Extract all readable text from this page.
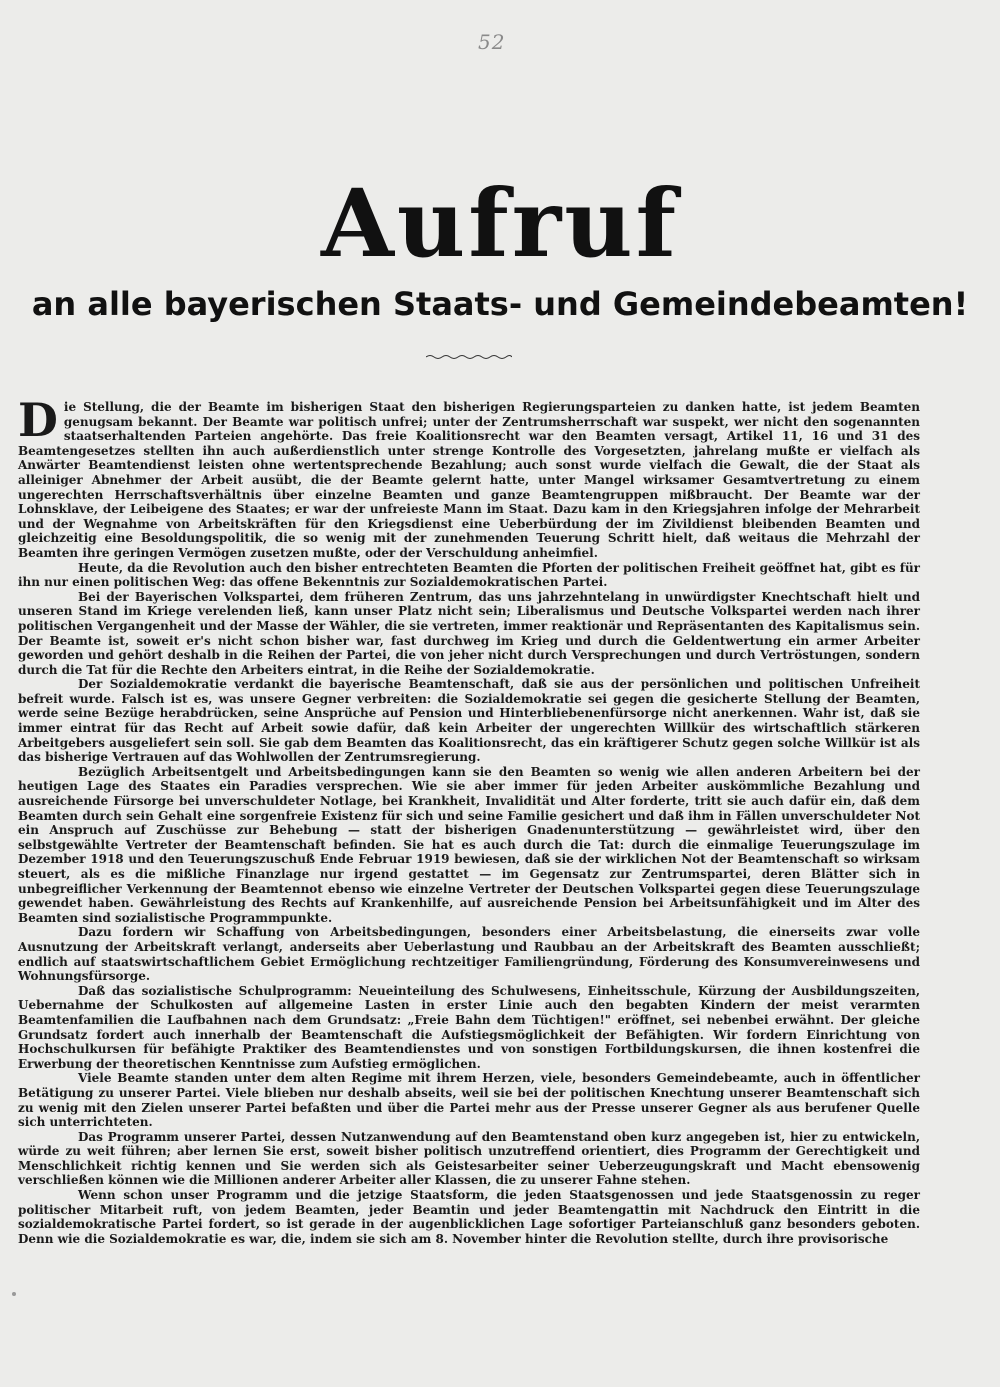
52
Aufruf
an alle bayerischen Staats- und Gemeindebeamten!

Die Stellung, die der Beamte im bisherigen Staat den bisherigen Regierungsparteien zu danken hatte, ist jedem Beamten genugsam bekannt. Der Beamte war politisch unfrei; unter der Zentrumsherrschaft war suspekt, wer nicht den sogenannten staatserhaltenden Parteien angehörte. Das freie Koalitionsrecht war den Beamten versagt, Artikel 11, 16 und 31 des Beamtengesetzes stellten ihn auch außerdienstlich unter strenge Kontrolle des Vorgesetzten, jahrelang mußte er vielfach als Anwärter Beamtendienst leisten ohne wertentsprechende Bezahlung; auch sonst wurde vielfach die Gewalt, die der Staat als alleiniger Abnehmer der Arbeit ausübt, die der Beamte gelernt hatte, unter Mangel wirksamer Gesamtvertretung zu einem ungerechten Herrschaftsverhältnis über einzelne Beamten und ganze Beamtengruppen mißbraucht. Der Beamte war der Lohnsklave, der Leibeigene des Staates; er war der unfreieste Mann im Staat. Dazu kam in den Kriegsjahren infolge der Mehrarbeit und der Wegnahme von Arbeitskräften für den Kriegsdienst eine Ueberbürdung der im Zivildienst bleibenden Beamten und gleichzeitig eine Besoldungspolitik, die so wenig mit der zunehmenden Teuerung Schritt hielt, daß weitaus die Mehrzahl der Beamten ihre geringen Vermögen zusetzen mußte, oder der Verschuldung anheimfiel.

Heute, da die Revolution auch den bisher entrechteten Beamten die Pforten der politischen Freiheit geöffnet hat, gibt es für ihn nur einen politischen Weg: das offene Bekenntnis zur Sozialdemokratischen Partei.

Bei der Bayerischen Volkspartei, dem früheren Zentrum, das uns jahrzehntelang in unwürdigster Knechtschaft hielt und unseren Stand im Kriege verelenden ließ, kann unser Platz nicht sein; Liberalismus und Deutsche Volkspartei werden nach ihrer politischen Vergangenheit und der Masse der Wähler, die sie vertreten, immer reaktionär und Repräsentanten des Kapitalismus sein. Der Beamte ist, soweit er's nicht schon bisher war, fast durchweg im Krieg und durch die Geldentwertung ein armer Arbeiter geworden und gehört deshalb in die Reihen der Partei, die von jeher nicht durch Versprechungen und durch Vertröstungen, sondern durch die Tat für die Rechte den Arbeiters eintrat, in die Reihe der Sozialdemokratie.

Der Sozialdemokratie verdankt die bayerische Beamtenschaft, daß sie aus der persönlichen und politischen Unfreiheit befreit wurde. Falsch ist es, was unsere Gegner verbreiten: die Sozialdemokratie sei gegen die gesicherte Stellung der Beamten, werde seine Bezüge herabdrücken, seine Ansprüche auf Pension und Hinterbliebenenfürsorge nicht anerkennen. Wahr ist, daß sie immer eintrat für das Recht auf Arbeit sowie dafür, daß kein Arbeiter der ungerechten Willkür des wirtschaftlich stärkeren Arbeitgebers ausgeliefert sein soll. Sie gab dem Beamten das Koalitionsrecht, das ein kräftigerer Schutz gegen solche Willkür ist als das bisherige Vertrauen auf das Wohlwollen der Zentrumsregierung.

Bezüglich Arbeitsentgelt und Arbeitsbedingungen kann sie den Beamten so wenig wie allen anderen Arbeitern bei der heutigen Lage des Staates ein Paradies versprechen. Wie sie aber immer für jeden Arbeiter auskömmliche Bezahlung und ausreichende Fürsorge bei unverschuldeter Notlage, bei Krankheit, Invalidität und Alter forderte, tritt sie auch dafür ein, daß dem Beamten durch sein Gehalt eine sorgenfreie Existenz für sich und seine Familie gesichert und daß ihm in Fällen unverschuldeter Not ein Anspruch auf Zuschüsse zur Behebung — statt der bisherigen Gnadenunterstützung — gewährleistet wird, über den selbstgewählte Vertreter der Beamtenschaft befinden. Sie hat es auch durch die Tat: durch die einmalige Teuerungszulage im Dezember 1918 und den Teuerungszuschuß Ende Februar 1919 bewiesen, daß sie der wirklichen Not der Beamtenschaft so wirksam steuert, als es die mißliche Finanzlage nur irgend gestattet — im Gegensatz zur Zentrumspartei, deren Blätter sich in unbegreiflicher Verkennung der Beamtennot ebenso wie einzelne Vertreter der Deutschen Volkspartei gegen diese Teuerungszulage gewendet haben. Gewährleistung des Rechts auf Krankenhilfe, auf ausreichende Pension bei Arbeitsunfähigkeit und im Alter des Beamten sind sozialistische Programmpunkte.

Dazu fordern wir Schaffung von Arbeitsbedingungen, besonders einer Arbeitsbelastung, die einerseits zwar volle Ausnutzung der Arbeitskraft verlangt, anderseits aber Ueberlastung und Raubbau an der Arbeitskraft des Beamten ausschließt; endlich auf staatswirtschaftlichem Gebiet Ermöglichung rechtzeitiger Familiengründung, Förderung des Konsumvereinwesens und Wohnungsfürsorge.

Daß das sozialistische Schulprogramm: Neueinteilung des Schulwesens, Einheitsschule, Kürzung der Ausbildungszeiten, Uebernahme der Schulkosten auf allgemeine Lasten in erster Linie auch den begabten Kindern der meist verarmten Beamtenfamilien die Laufbahnen nach dem Grundsatz: „Freie Bahn dem Tüchtigen!" eröffnet, sei nebenbei erwähnt. Der gleiche Grundsatz fordert auch innerhalb der Beamtenschaft die Aufstiegsmöglichkeit der Befähigten. Wir fordern Einrichtung von Hochschulkursen für befähigte Praktiker des Beamtendienstes und von sonstigen Fortbildungskursen, die ihnen kostenfrei die Erwerbung der theoretischen Kenntnisse zum Aufstieg ermöglichen.

Viele Beamte standen unter dem alten Regime mit ihrem Herzen, viele, besonders Gemeindebeamte, auch in öffentlicher Betätigung zu unserer Partei. Viele blieben nur deshalb abseits, weil sie bei der politischen Knechtung unserer Beamtenschaft sich zu wenig mit den Zielen unserer Partei befaßten und über die Partei mehr aus der Presse unserer Gegner als aus berufener Quelle sich unterrichteten.

Das Programm unserer Partei, dessen Nutzanwendung auf den Beamtenstand oben kurz angegeben ist, hier zu entwickeln, würde zu weit führen; aber lernen Sie erst, soweit bisher politisch unzutreffend orientiert, dies Programm der Gerechtigkeit und Menschlichkeit richtig kennen und Sie werden sich als Geistesarbeiter seiner Ueberzeugungskraft und Macht ebensowenig verschließen können wie die Millionen anderer Arbeiter aller Klassen, die zu unserer Fahne stehen.

Wenn schon unser Programm und die jetzige Staatsform, die jeden Staatsgenossen und jede Staatsgenossin zu reger politischer Mitarbeit ruft, von jedem Beamten, jeder Beamtin und jeder Beamtengattin mit Nachdruck den Eintritt in die sozialdemokratische Partei fordert, so ist gerade in der augenblicklichen Lage sofortiger Parteianschluß ganz besonders geboten. Denn wie die Sozialdemokratie es war, die, indem sie sich am 8. November hinter die Revolution stellte, durch ihre provisorische
